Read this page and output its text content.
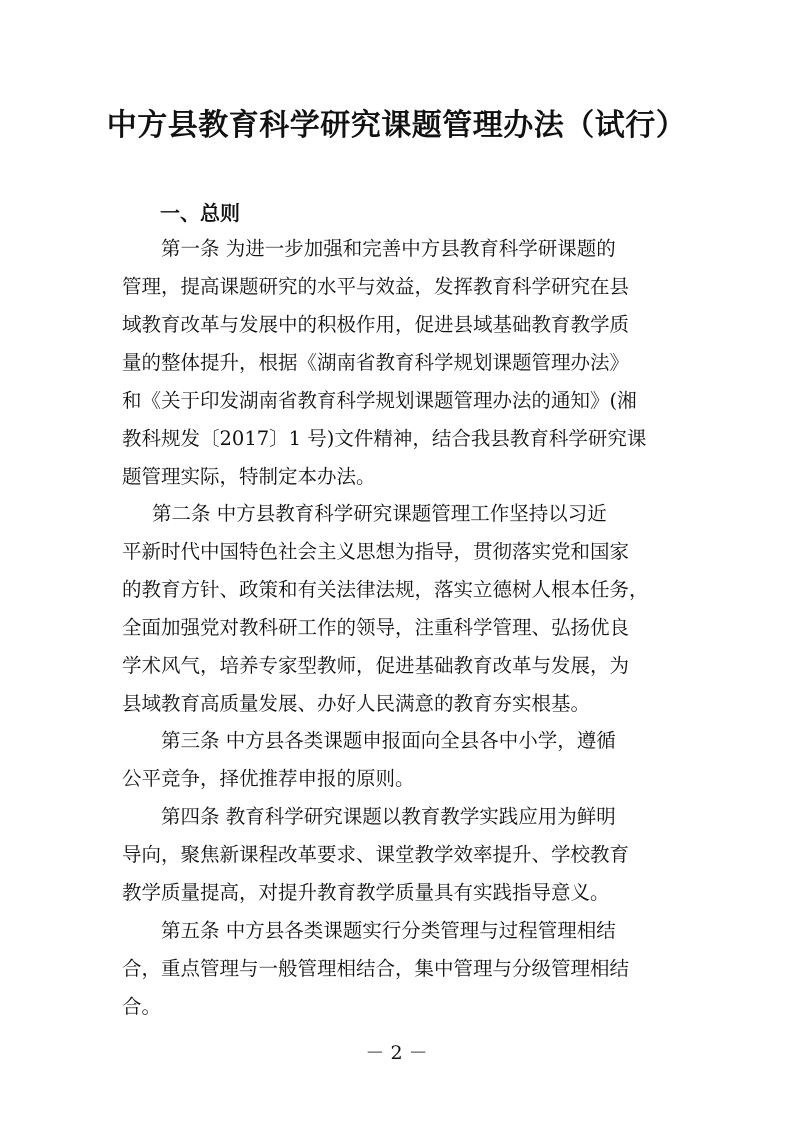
中方县教育科学研究课题管理办法（试行）
一、总则
第一条 为进一步加强和完善中方县教育科学研课题的
管理，提高课题研究的水平与效益，发挥教育科学研究在县
域教育改革与发展中的积极作用，促进县域基础教育教学质
量的整体提升，根据《湖南省教育科学规划课题管理办法》
和《关于印发湖南省教育科学规划课题管理办法的通知》(湘
教科规发〔2017〕1 号)文件精神，结合我县教育科学研究课
题管理实际，特制定本办法。
第二条 中方县教育科学研究课题管理工作坚持以习近
平新时代中国特色社会主义思想为指导，贯彻落实党和国家
的教育方针、政策和有关法律法规，落实立德树人根本任务，
全面加强党对教科研工作的领导，注重科学管理、弘扬优良
学术风气，培养专家型教师，促进基础教育改革与发展，为
县域教育高质量发展、办好人民满意的教育夯实根基。
第三条 中方县各类课题申报面向全县各中小学，遵循
公平竞争，择优推荐申报的原则。
第四条 教育科学研究课题以教育教学实践应用为鲜明
导向，聚焦新课程改革要求、课堂教学效率提升、学校教育
教学质量提高，对提升教育教学质量具有实践指导意义。
第五条 中方县各类课题实行分类管理与过程管理相结
合，重点管理与一般管理相结合，集中管理与分级管理相结
合。
－ 2 －
